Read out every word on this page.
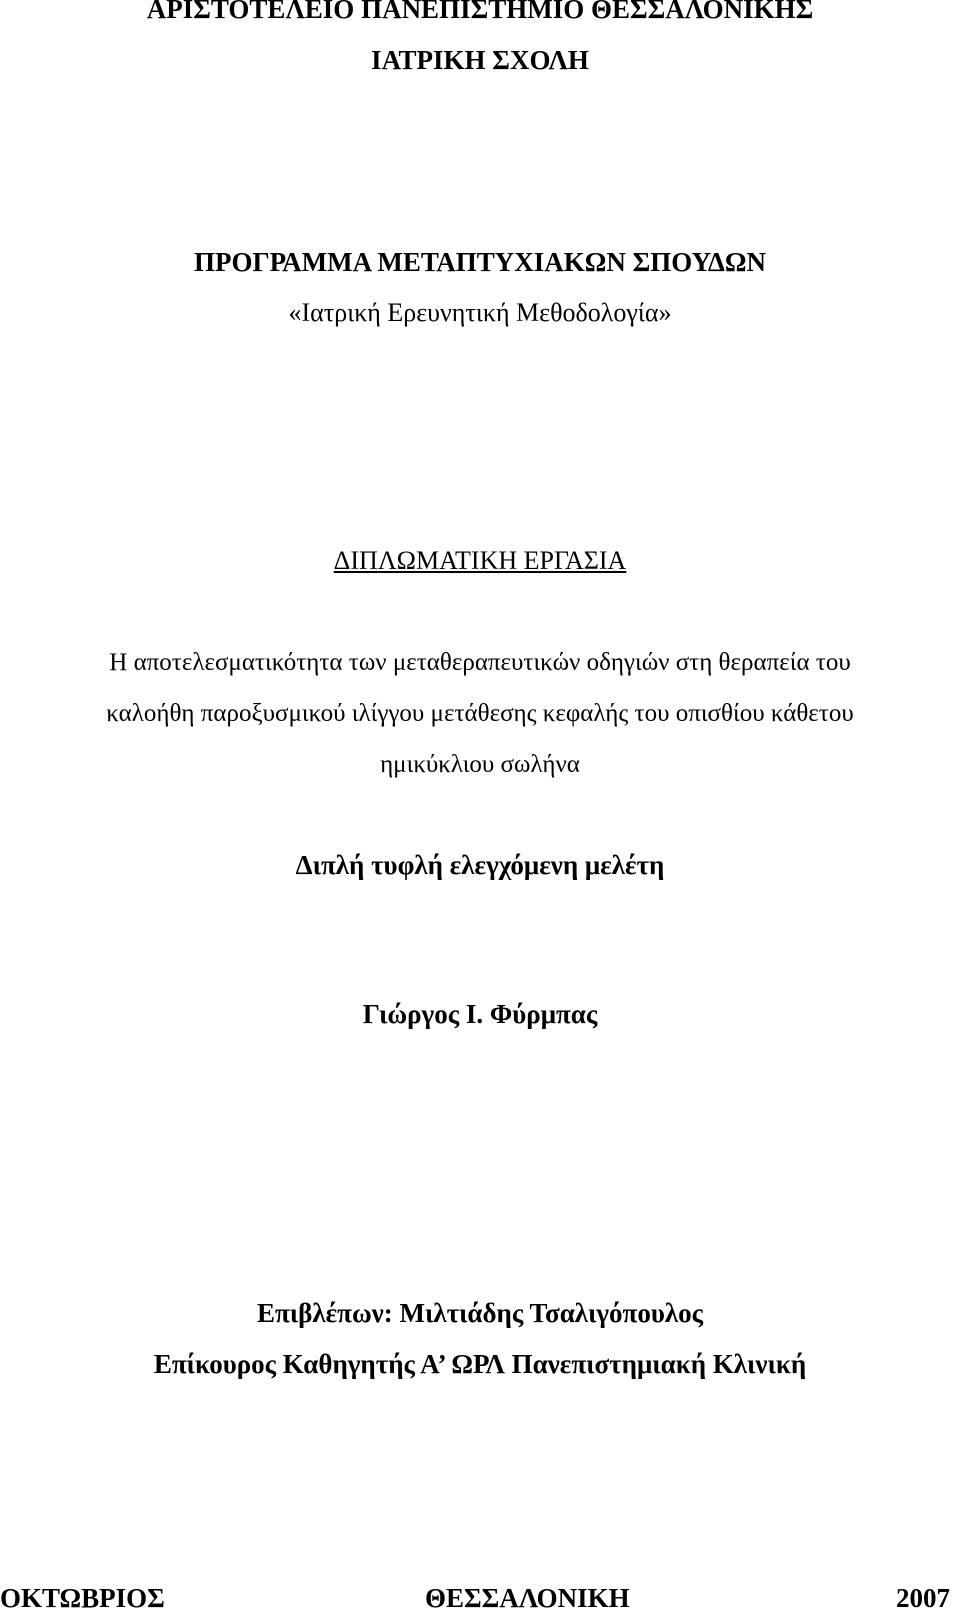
ΑΡΙΣΤΟΤΕΛΕΙΟ ΠΑΝΕΠΙΣΤΗΜΙΟ ΘΕΣΣΑΛΟΝΙΚΗΣ
ΙΑΤΡΙΚΗ ΣΧΟΛΗ
ΠΡΟΓΡΑΜΜΑ ΜΕΤΑΠΤΥΧΙΑΚΩΝ ΣΠΟΥΔΩΝ
«Ιατρική Ερευνητική Μεθοδολογία»
ΔΙΠΛΩΜΑΤΙΚΗ ΕΡΓΑΣΙΑ
Η αποτελεσματικότητα των μεταθεραπευτικών οδηγιών στη θεραπεία του
καλοήθη παροξυσμικού ιλίγγου μετάθεσης κεφαλής του οπισθίου κάθετου
ημικύκλιου σωλήνα
Διπλή τυφλή ελεγχόμενη μελέτη
Γιώργος Ι. Φύρμπας
Επιβλέπων: Μιλτιάδης Τσαλιγόπουλος
Επίκουρος Καθηγητής Α’ ΩΡΛ Πανεπιστημιακή Κλινική
ΟΚΤΩΒΡΙΟΣ	ΘΕΣΣΑΛΟΝΙΚΗ	2007
